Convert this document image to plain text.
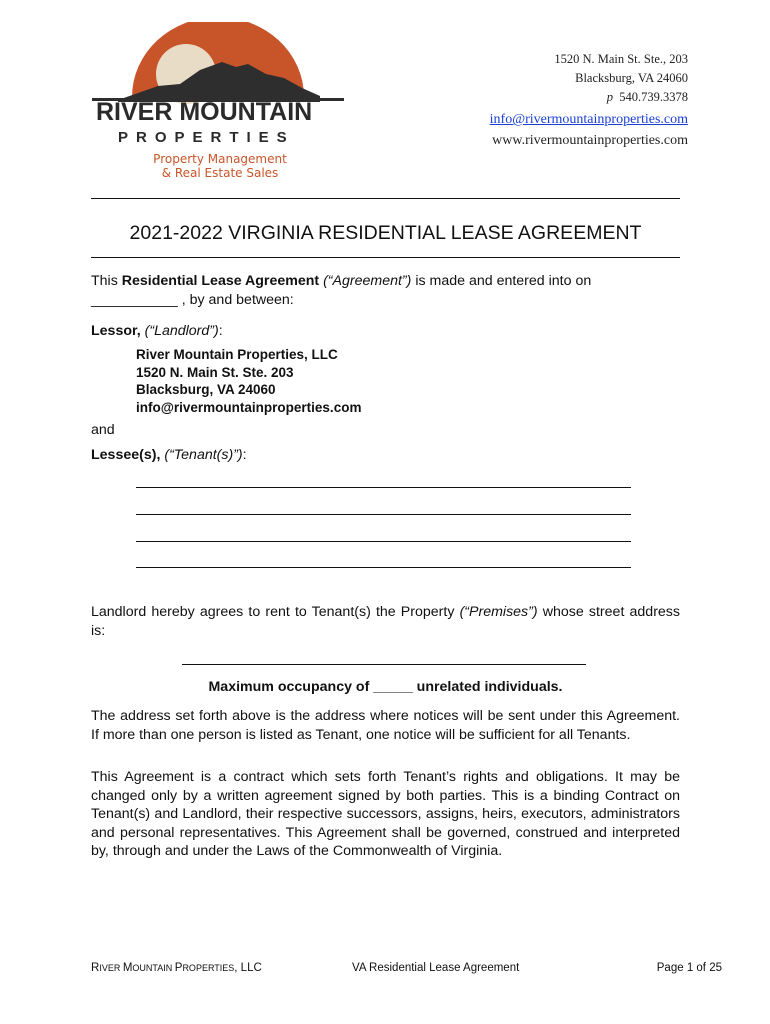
RIVER MOUNTAIN
PROPERTIES
Property Management
& Real Estate Sales
1520 N. Main St. Ste., 203
Blacksburg, VA 24060
p 540.739.3378
info@rivermountainproperties.com
www.rivermountainproperties.com
2021-2022 VIRGINIA RESIDENTIAL LEASE AGREEMENT
This Residential Lease Agreement (“Agreement”) is made and entered into on
___________ , by and between:
Lessor, (“Landlord”):
River Mountain Properties, LLC
1520 N. Main St. Ste. 203
Blacksburg, VA 24060
info@rivermountainproperties.com
and
Lessee(s), (“Tenant(s)”):
Landlord hereby agrees to rent to Tenant(s) the Property (“Premises”) whose street address is:
Maximum occupancy of _____ unrelated individuals.
The address set forth above is the address where notices will be sent under this Agreement. If more than one person is listed as Tenant, one notice will be sufficient for all Tenants.
This Agreement is a contract which sets forth Tenant’s rights and obligations. It may be changed only by a written agreement signed by both parties. This is a binding Contract on Tenant(s) and Landlord, their respective successors, assigns, heirs, executors, administrators and personal representatives. This Agreement shall be governed, construed and interpreted by, through and under the Laws of the Commonwealth of Virginia.
RIVER MOUNTAIN PROPERTIES, LLC	VA Residential Lease Agreement	Page 1 of 25
